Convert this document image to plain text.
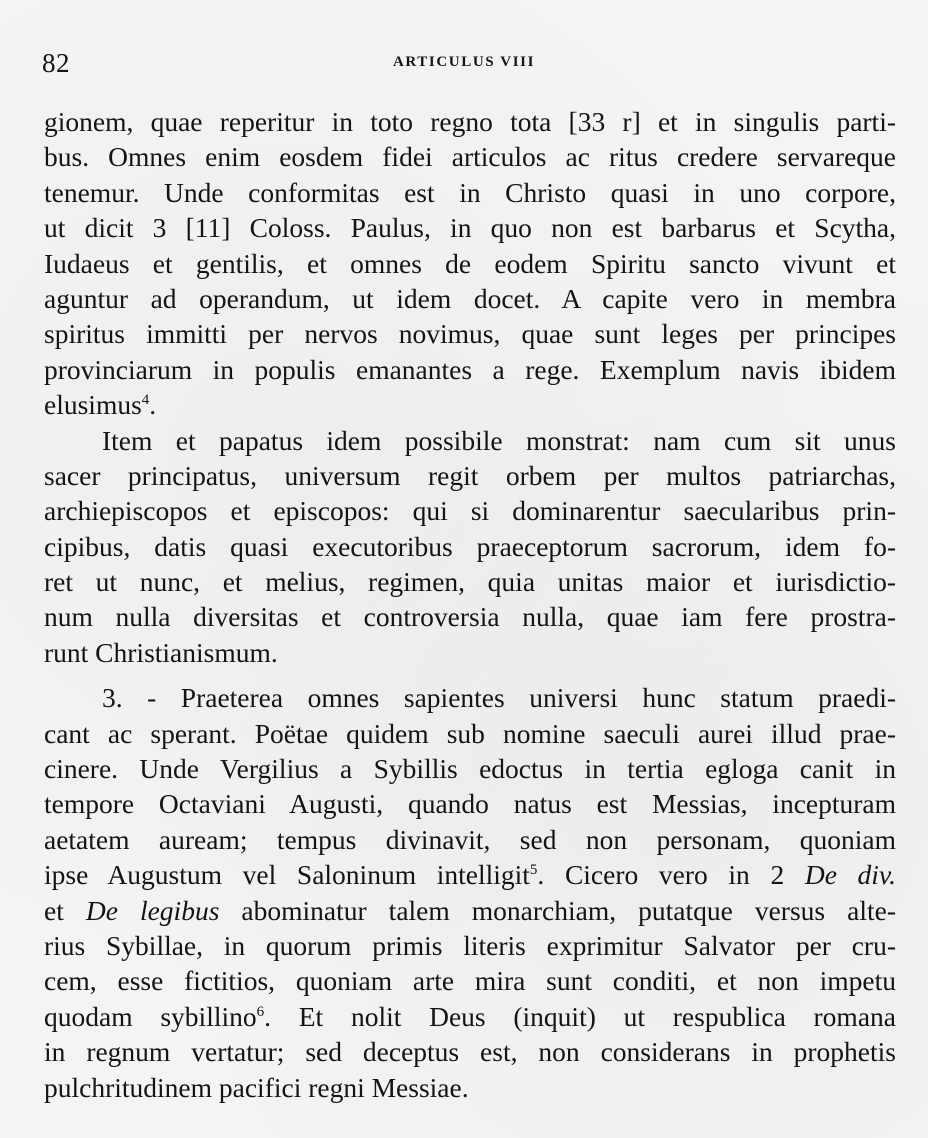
82	ARTICULUS VIII
gionem, quae reperitur in toto regno tota [33 r] et in singulis parti-
bus. Omnes enim eosdem fidei articulos ac ritus credere servareque
tenemur. Unde conformitas est in Christo quasi in uno corpore,
ut dicit 3 [11] Coloss. Paulus, in quo non est barbarus et Scytha,
Iudaeus et gentilis, et omnes de eodem Spiritu sancto vivunt et
aguntur ad operandum, ut idem docet. A capite vero in membra
spiritus immitti per nervos novimus, quae sunt leges per principes
provinciarum in populis emanantes a rege. Exemplum navis ibidem
elusimus$^4$.
Item et papatus idem possibile monstrat: nam cum sit unus
sacer principatus, universum regit orbem per multos patriarchas,
archiepiscopos et episcopos: qui si dominarentur saecularibus prin-
cipibus, datis quasi executoribus praeceptorum sacrorum, idem fo-
ret ut nunc, et melius, regimen, quia unitas maior et iurisdictio-
num nulla diversitas et controversia nulla, quae iam fere prostra-
runt Christianismum.
3. - Praeterea omnes sapientes universi hunc statum praedi-
cant ac sperant. Poëtae quidem sub nomine saeculi aurei illud prae-
cinere. Unde Vergilius a Sybillis edoctus in tertia egloga canit in
tempore Octaviani Augusti, quando natus est Messias, incepturam
aetatem auream; tempus divinavit, sed non personam, quoniam
ipse Augustum vel Saloninum intelligit$^5$. Cicero vero in 2 De div.
et De legibus abominatur talem monarchiam, putatque versus alte-
rius Sybillae, in quorum primis literis exprimitur Salvator per cru-
cem, esse fictitios, quoniam arte mira sunt conditi, et non impetu
quodam sybillino$^6$. Et nolit Deus (inquit) ut respublica romana
in regnum vertatur; sed deceptus est, non considerans in prophetis
pulchritudinem pacifici regni Messiae.
